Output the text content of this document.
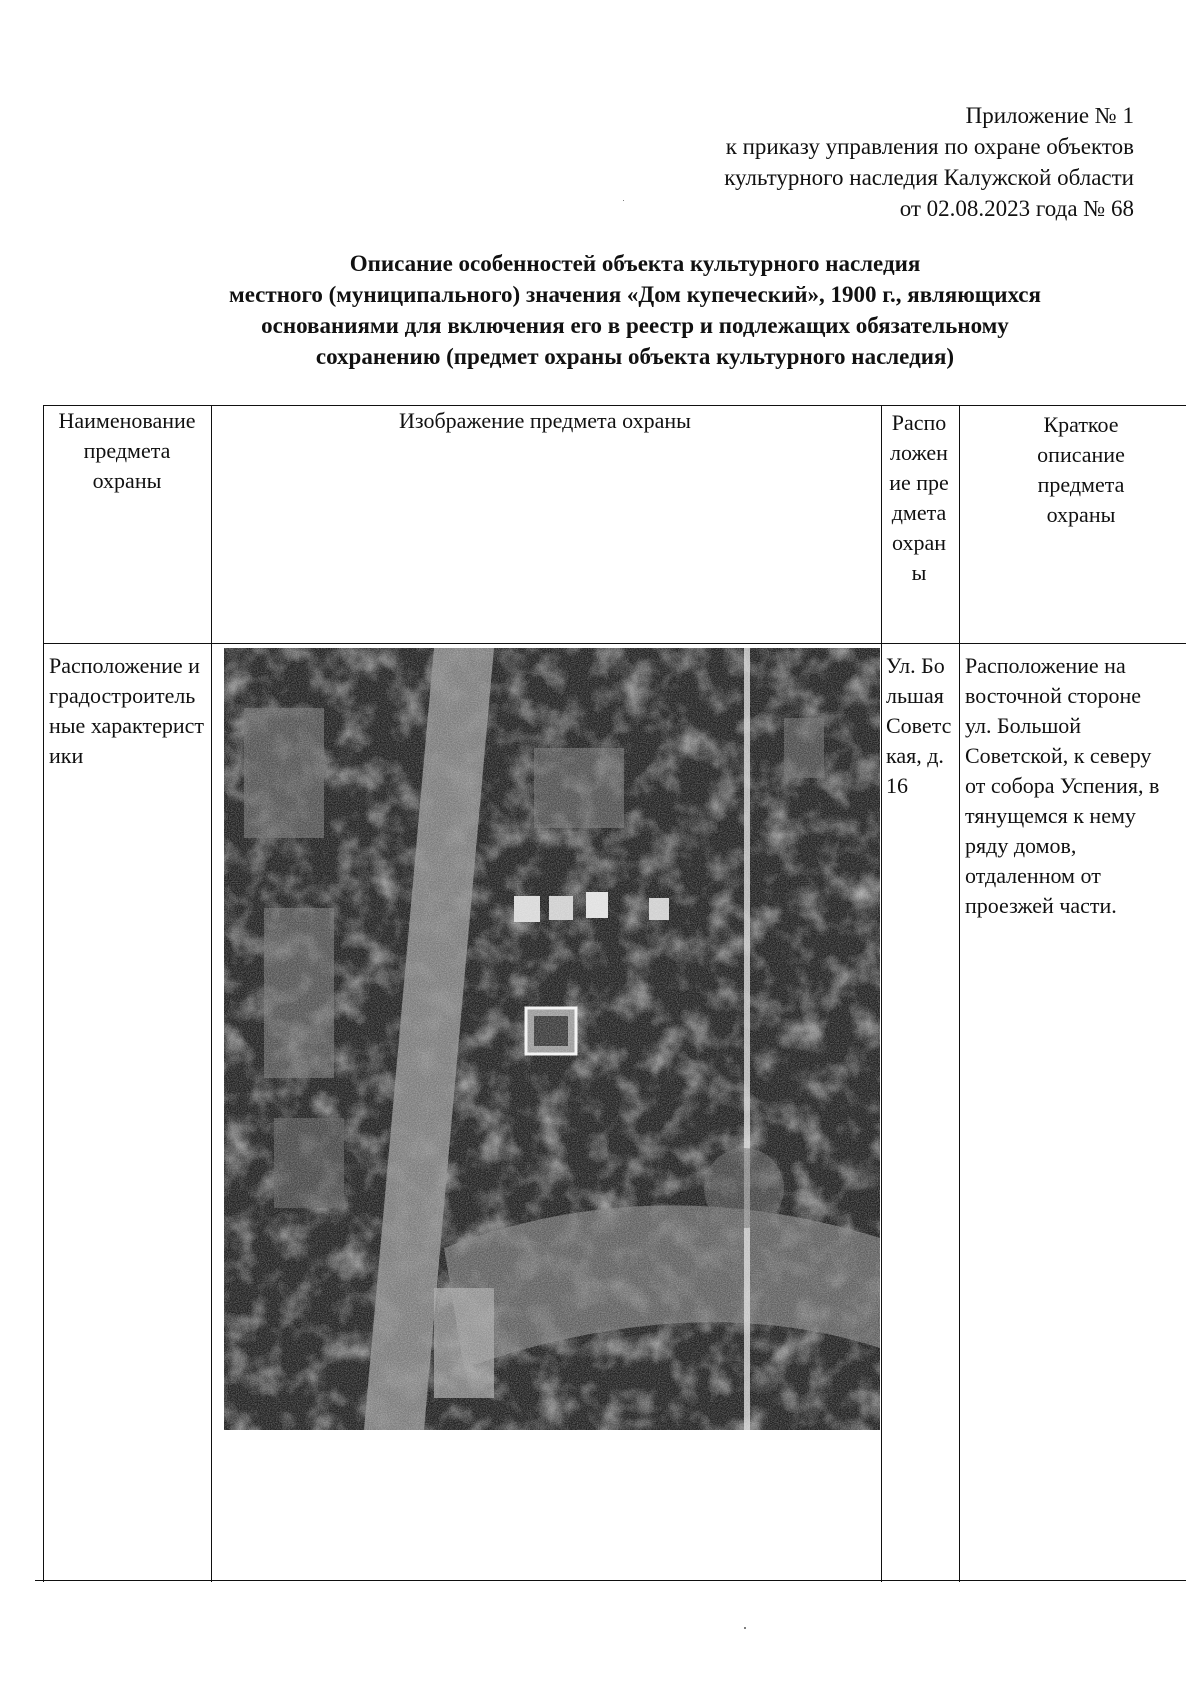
Приложение № 1
к приказу управления по охране объектов
культурного наследия Калужской области
от 02.08.2023 года № 68
Описание особенностей объекта культурного наследия
местного (муниципального) значения «Дом купеческий», 1900 г., являющихся
основаниями для включения его в реестр и подлежащих обязательному
сохранению (предмет охраны объекта культурного наследия)
Наименование предмета охраны
Изображение предмета охраны	Расположение предмета охраны
Краткое описание предмета охраны
Расположение и градостроительные характеристики
Ул. Большая Советская, д. 16
Расположение на восточной стороне ул. Большой Советской, к северу от собора Успения, в тянущемся к нему ряду домов, отдаленном от проезжей части.
